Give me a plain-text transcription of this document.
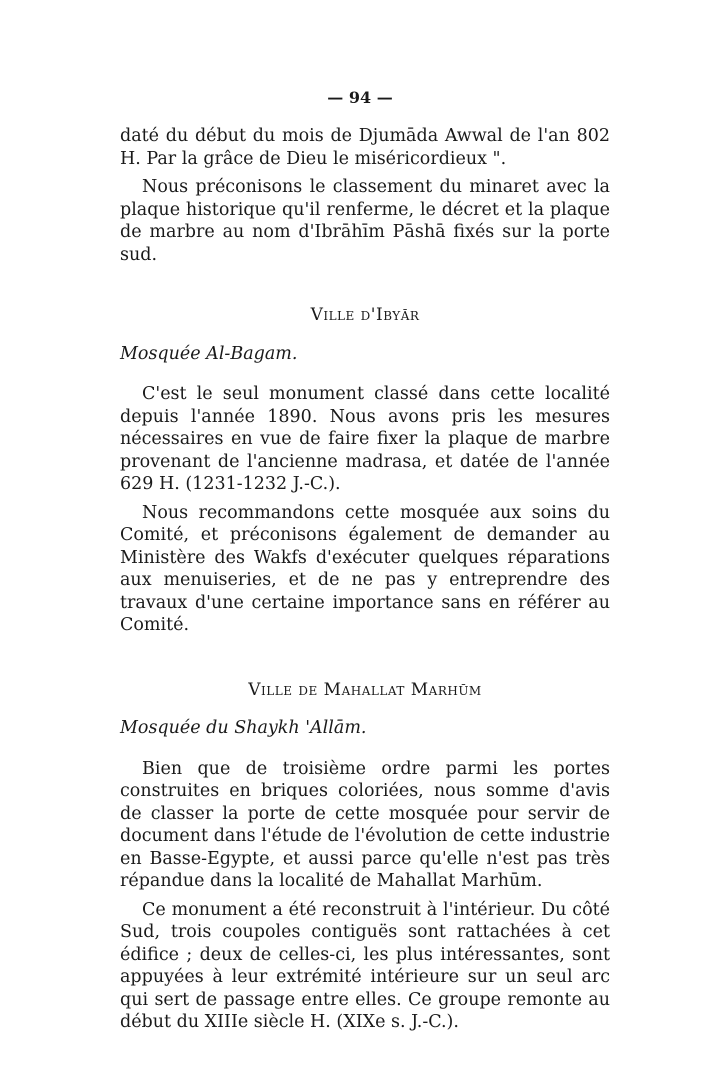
— 94 —

daté du début du mois de Djumāda Awwal de l'an 802 H. Par la grâce de Dieu le miséricordieux ".

Nous préconisons le classement du minaret avec la plaque historique qu'il renferme, le décret et la plaque de marbre au nom d'Ibrāhīm Pāshā fixés sur la porte sud.

Ville d'Ibyār
Mosquée Al-Bagam.

C'est le seul monument classé dans cette localité depuis l'année 1890. Nous avons pris les mesures nécessaires en vue de faire fixer la plaque de marbre provenant de l'ancienne madrasa, et datée de l'année 629 H. (1231-1232 J.-C.).

Nous recommandons cette mosquée aux soins du Comité, et préconisons également de demander au Ministère des Wakfs d'exécuter quelques réparations aux menuiseries, et de ne pas y entreprendre des travaux d'une certaine importance sans en référer au Comité.

Ville de Mahallat Marhūm
Mosquée du Shaykh 'Allām.

Bien que de troisième ordre parmi les portes construites en briques coloriées, nous somme d'avis de classer la porte de cette mosquée pour servir de document dans l'étude de l'évolution de cette industrie en Basse-Egypte, et aussi parce qu'elle n'est pas très répandue dans la localité de Mahallat Marhūm.

Ce monument a été reconstruit à l'intérieur. Du côté Sud, trois coupoles contiguës sont rattachées à cet édifice ; deux de celles-ci, les plus intéressantes, sont appuyées à leur extrémité intérieure sur un seul arc qui sert de passage entre elles. Ce groupe remonte au début du XIIIe siècle H. (XIXe s. J.-C.).
